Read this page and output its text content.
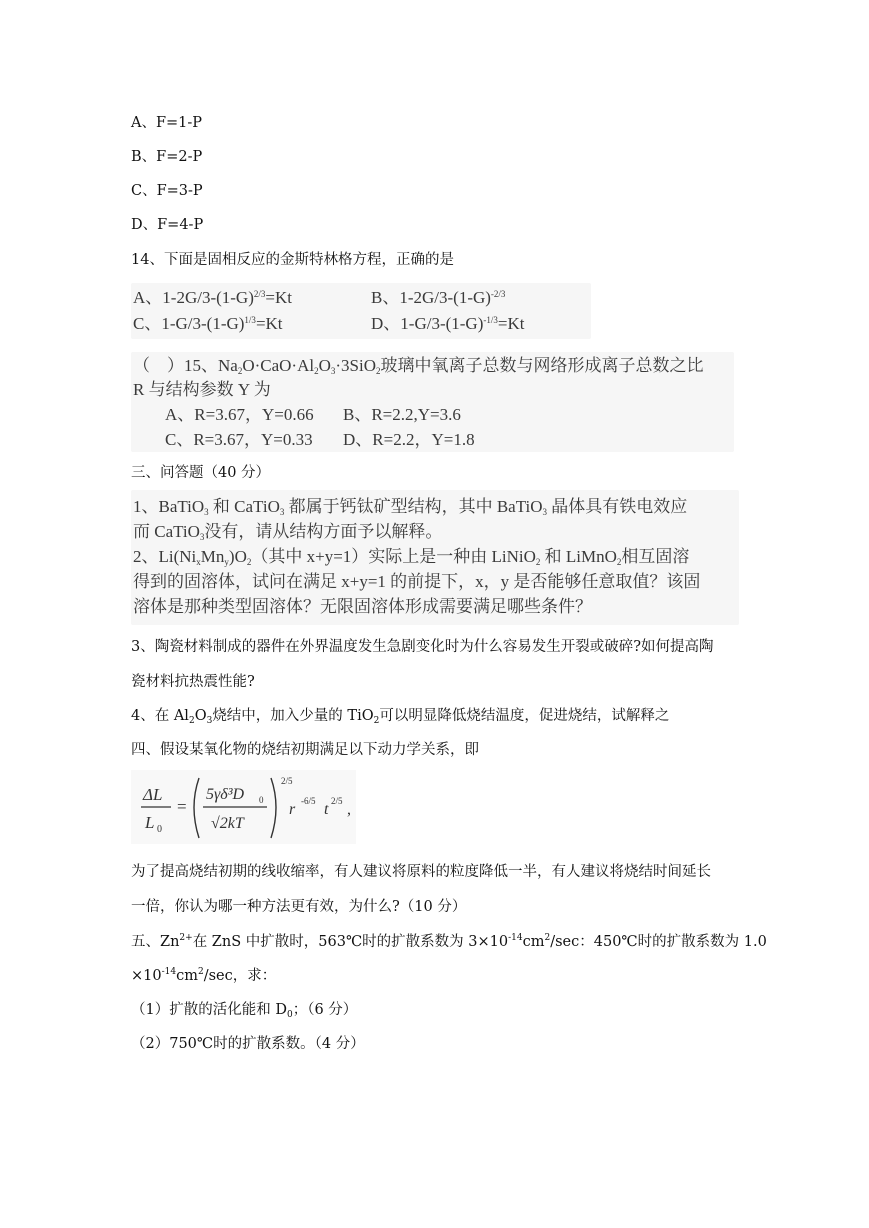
A、F=1-P
B、F=2-P
C、F=3-P
D、F=4-P
14、下面是固相反应的金斯特林格方程，正确的是
A、$1-2G/3-(1-G)^{2/3}=Kt$	B、$1-2G/3-(1-G)^{-2/3}$
C、$1-G/3-(1-G)^{1/3}=Kt$	D、$1-G/3-(1-G)^{-1/3}=Kt$
（　）15、$Na_2O\cdot CaO\cdot Al_2O_3\cdot 3SiO_2$玻璃中氧离子总数与网络形成离子总数之比
R 与结构参数 Y 为
A、R=3.67，Y=0.66 B、R=2.2,Y=3.6
C、R=3.67，Y=0.33 D、R=2.2，Y=1.8
三、问答题（40 分）
1、BaTiO$_3$ 和 CaTiO$_3$ 都属于钙钛矿型结构，其中 BaTiO$_3$ 晶体具有铁电效应
而 CaTiO$_3$没有，请从结构方面予以解释。
2、$Li(Ni_xMn_y)O_2$（其中 x+y=1）实际上是一种由 LiNiO$_2$ 和 LiMnO$_2$相互固溶
得到的固溶体，试问在满足 x+y=1 的前提下，x，y 是否能够任意取值？该固
溶体是那种类型固溶体？无限固溶体形成需要满足哪些条件？
3、陶瓷材料制成的器件在外界温度发生急剧变化时为什么容易发生开裂或破碎?如何提高陶
瓷材料抗热震性能?
4、在 $Al_2O_3$烧结中，加入少量的 TiO$_2$可以明显降低烧结温度，促进烧结，试解释之
四、假设某氧化物的烧结初期满足以下动力学关系，即
ΔL
L 0
=
5γδ³D 0
√2kT
2/5
r -6/5 t 2/5 ,
为了提高烧结初期的线收缩率，有人建议将原料的粒度降低一半，有人建议将烧结时间延长
一倍，你认为哪一种方法更有效，为什么?（10 分）
五、$Zn^{2+}$在 ZnS 中扩散时，563℃时的扩散系数为 $3\times 10^{-14}cm^2/\sec$：450℃时的扩散系数为 1.0
$\times 10^{-14}cm^2/\sec$，求：
（1）扩散的活化能和 $D_0$；（6 分）
（2）750℃时的扩散系数。（4 分）
